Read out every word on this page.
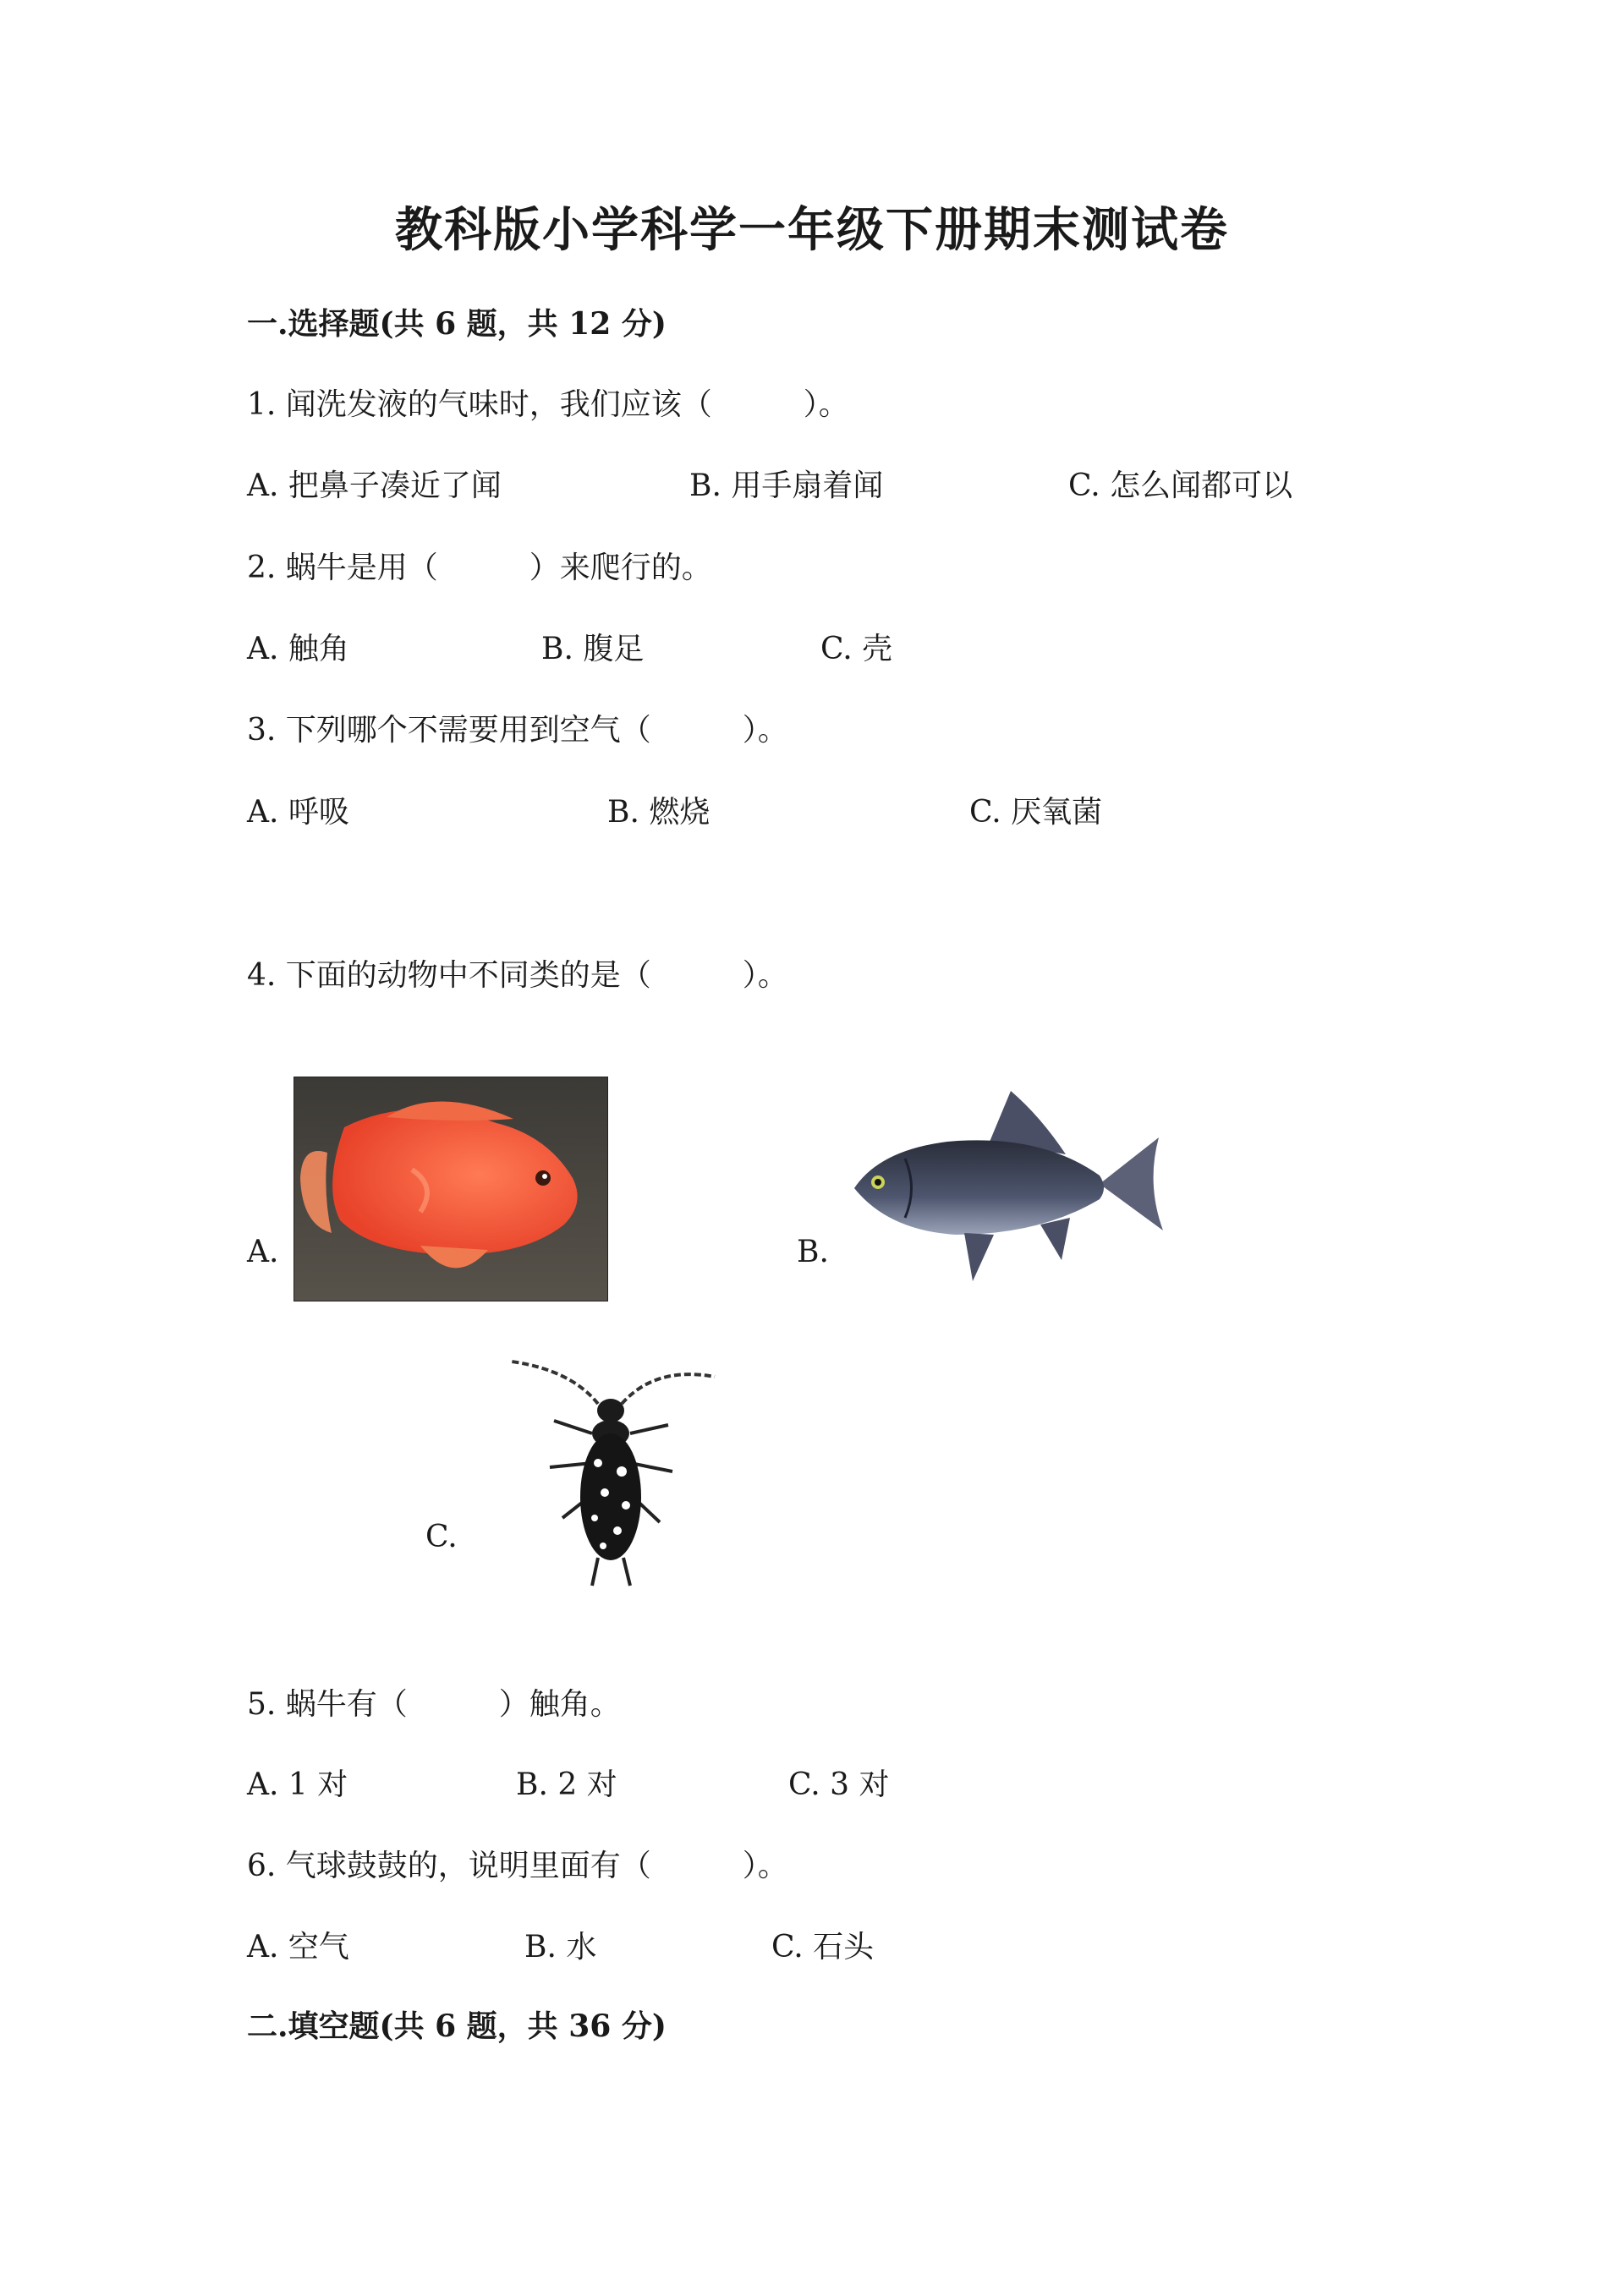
教科版小学科学一年级下册期末测试卷
一.选择题(共 6 题，共 12 分)
1. 闻洗发液的气味时，我们应该（　　　）。
A. 把鼻子凑近了闻	B. 用手扇着闻	C. 怎么闻都可以
2. 蜗牛是用（　　　）来爬行的。
A. 触角	B. 腹足	C. 壳
3. 下列哪个不需要用到空气（　　　）。
A. 呼吸	B. 燃烧	C. 厌氧菌
4. 下面的动物中不同类的是（　　　）。
A.	B.
C.
5. 蜗牛有（　　　）触角。
A. 1 对	B. 2 对	C. 3 对
6. 气球鼓鼓的，说明里面有（　　　）。
A. 空气	B. 水	C. 石头
二.填空题(共 6 题，共 36 分)
